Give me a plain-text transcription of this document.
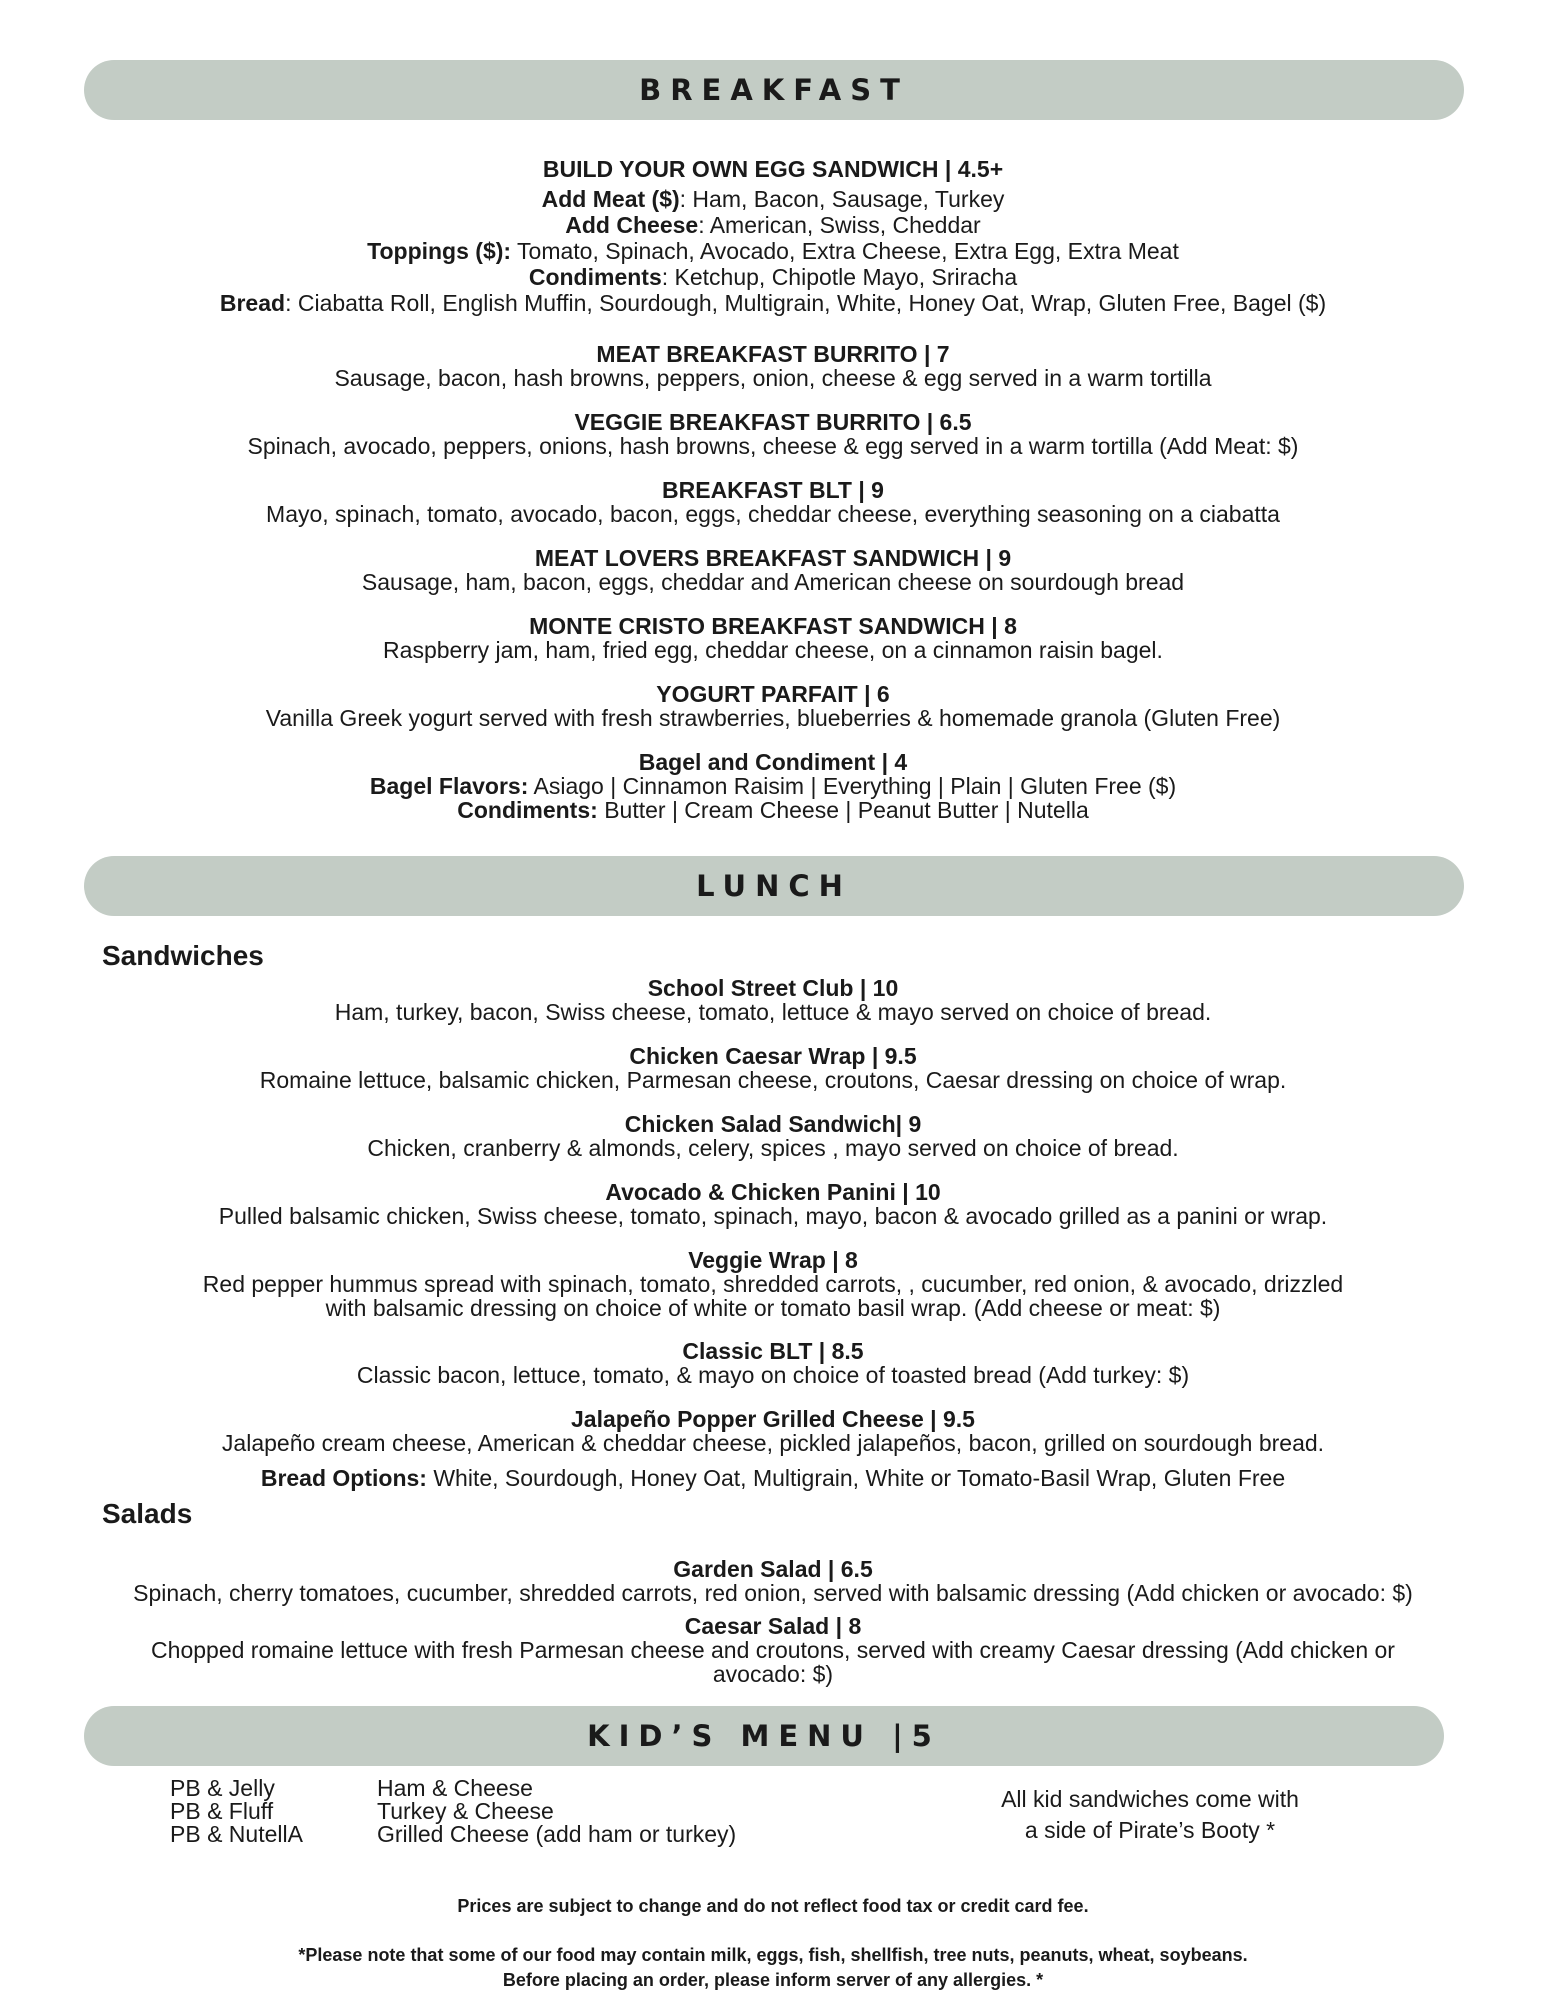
BREAKFAST
BUILD YOUR OWN EGG SANDWICH | 4.5+
Add Meat ($): Ham, Bacon, Sausage, Turkey
Add Cheese: American, Swiss, Cheddar
Toppings ($): Tomato, Spinach, Avocado, Extra Cheese, Extra Egg, Extra Meat
Condiments: Ketchup, Chipotle Mayo, Sriracha
Bread: Ciabatta Roll, English Muffin, Sourdough, Multigrain, White, Honey Oat, Wrap, Gluten Free, Bagel ($)
MEAT BREAKFAST BURRITO | 7
Sausage, bacon, hash browns, peppers, onion, cheese & egg served in a warm tortilla
VEGGIE BREAKFAST BURRITO | 6.5
Spinach, avocado, peppers, onions, hash browns, cheese & egg served in a warm tortilla (Add Meat: $)
BREAKFAST BLT | 9
Mayo, spinach, tomato, avocado, bacon, eggs, cheddar cheese, everything seasoning on a ciabatta
MEAT LOVERS BREAKFAST SANDWICH | 9
Sausage, ham, bacon, eggs, cheddar and American cheese on sourdough bread
MONTE CRISTO BREAKFAST SANDWICH | 8
Raspberry jam, ham, fried egg, cheddar cheese, on a cinnamon raisin bagel.
YOGURT PARFAIT | 6
Vanilla Greek yogurt served with fresh strawberries, blueberries & homemade granola (Gluten Free)
Bagel and Condiment | 4
Bagel Flavors: Asiago | Cinnamon Raisim | Everything | Plain | Gluten Free ($)
Condiments: Butter | Cream Cheese | Peanut Butter | Nutella
LUNCH
Sandwiches
School Street Club | 10
Ham, turkey, bacon, Swiss cheese, tomato, lettuce & mayo served on choice of bread.
Chicken Caesar Wrap | 9.5
Romaine lettuce, balsamic chicken, Parmesan cheese, croutons, Caesar dressing on choice of wrap.
Chicken Salad Sandwich| 9
Chicken, cranberry & almonds, celery, spices , mayo served on choice of bread.
Avocado & Chicken Panini | 10
Pulled balsamic chicken, Swiss cheese, tomato, spinach, mayo, bacon & avocado grilled as a panini or wrap.
Veggie Wrap | 8
Red pepper hummus spread with spinach, tomato, shredded carrots, , cucumber, red onion, & avocado, drizzled
with balsamic dressing on choice of white or tomato basil wrap. (Add cheese or meat: $)
Classic BLT | 8.5
Classic bacon, lettuce, tomato, & mayo on choice of toasted bread (Add turkey: $)
Jalapeño Popper Grilled Cheese | 9.5
Jalapeño cream cheese, American & cheddar cheese, pickled jalapeños, bacon, grilled on sourdough bread.
Bread Options: White, Sourdough, Honey Oat, Multigrain, White or Tomato-Basil Wrap, Gluten Free
Salads
Garden Salad | 6.5
Spinach, cherry tomatoes, cucumber, shredded carrots, red onion, served with balsamic dressing (Add chicken or avocado: $)
Caesar Salad | 8
Chopped romaine lettuce with fresh Parmesan cheese and croutons, served with creamy Caesar dressing (Add chicken or
avocado: $)
KID’S MENU |5
PB & Jelly
PB & Fluff
PB & NutellA
Ham & Cheese
Turkey & Cheese
Grilled Cheese (add ham or turkey)
All kid sandwiches come with
a side of Pirate’s Booty *
Prices are subject to change and do not reflect food tax or credit card fee.
*Please note that some of our food may contain milk, eggs, fish, shellfish, tree nuts, peanuts, wheat, soybeans.
Before placing an order, please inform server of any allergies. *
